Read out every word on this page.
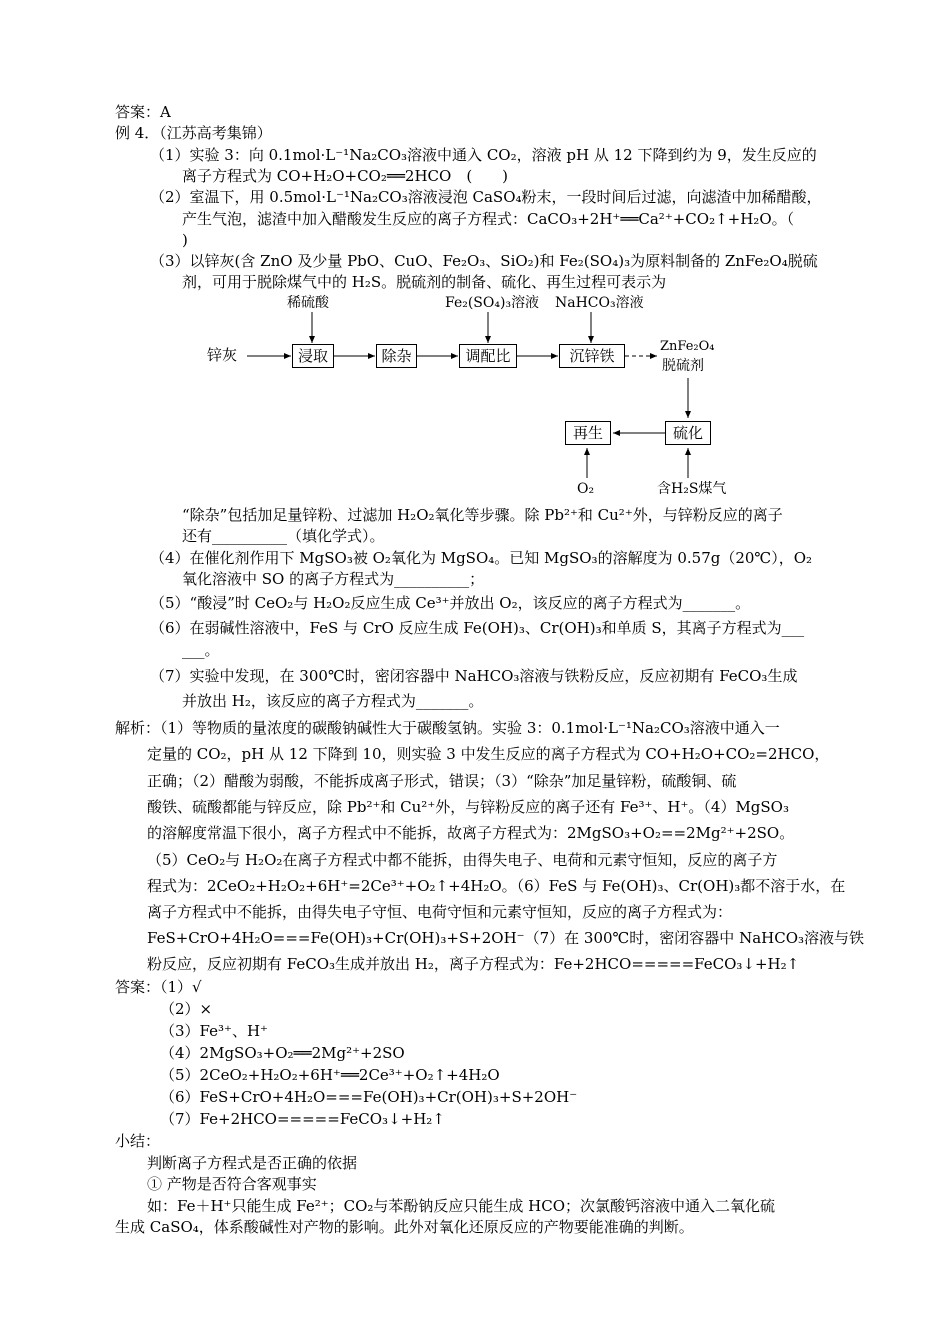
答案：A
例 4．（江苏高考集锦）
（1）实验 3：向 0.1mol·L⁻¹Na₂CO₃溶液中通入 CO₂，溶液 pH 从 12 下降到约为 9，发生反应的
离子方程式为 CO+H₂O+CO₂══2HCO　(　　)
（2）室温下，用 0.5mol·L⁻¹Na₂CO₃溶液浸泡 CaSO₄粉末，一段时间后过滤，向滤渣中加稀醋酸，
产生气泡，滤渣中加入醋酸发生反应的离子方程式：CaCO₃+2H⁺══Ca²⁺+CO₂↑+H₂O。（
)
（3）以锌灰(含 ZnO 及少量 PbO、CuO、Fe₂O₃、SiO₂)和 Fe₂(SO₄)₃为原料制备的 ZnFe₂O₄脱硫
剂，可用于脱除煤气中的 H₂S。脱硫剂的制备、硫化、再生过程可表示为
锌灰
稀硫酸	Fe₂(SO₄)₃溶液 NaHCO₃溶液
浸取	除杂	调配比	沉锌铁
ZnFe₂O₄
脱硫剂
硫化
再生
O₂	含H₂S煤气
“除杂”包括加足量锌粉、过滤加 H₂O₂氧化等步骤。除 Pb²⁺和 Cu²⁺外，与锌粉反应的离子
还有__________（填化学式）。
（4）在催化剂作用下 MgSO₃被 O₂氧化为 MgSO₄。已知 MgSO₃的溶解度为 0.57g（20℃），O₂
氧化溶液中 SO 的离子方程式为__________；
（5）“酸浸”时 CeO₂与 H₂O₂反应生成 Ce³⁺并放出 O₂，该反应的离子方程式为_______。
（6）在弱碱性溶液中，FeS 与 CrO 反应生成 Fe(OH)₃、Cr(OH)₃和单质 S，其离子方程式为___
___。
（7）实验中发现，在 300℃时，密闭容器中 NaHCO₃溶液与铁粉反应，反应初期有 FeCO₃生成
并放出 H₂，该反应的离子方程式为_______。
解析：（1）等物质的量浓度的碳酸钠碱性大于碳酸氢钠。实验 3：0.1mol·L⁻¹Na₂CO₃溶液中通入一
定量的 CO₂，pH 从 12 下降到 10，则实验 3 中发生反应的离子方程式为 CO+H₂O+CO₂=2HCO，
正确；（2）醋酸为弱酸，不能拆成离子形式，错误；（3）“除杂”加足量锌粉，硫酸铜、硫
酸铁、硫酸都能与锌反应，除 Pb²⁺和 Cu²⁺外，与锌粉反应的离子还有 Fe³⁺、H⁺。（4）MgSO₃
的溶解度常温下很小，离子方程式中不能拆，故离子方程式为：2MgSO₃+O₂==2Mg²⁺+2SO。
（5）CeO₂与 H₂O₂在离子方程式中都不能拆，由得失电子、电荷和元素守恒知，反应的离子方
程式为：2CeO₂+H₂O₂+6H⁺=2Ce³⁺+O₂↑+4H₂O。（6）FeS 与 Fe(OH)₃、Cr(OH)₃都不溶于水，在
离子方程式中不能拆，由得失电子守恒、电荷守恒和元素守恒知，反应的离子方程式为：
FeS+CrO+4H₂O===Fe(OH)₃+Cr(OH)₃+S+2OH⁻（7）在 300℃时，密闭容器中 NaHCO₃溶液与铁
粉反应，反应初期有 FeCO₃生成并放出 H₂，离子方程式为：Fe+2HCO=====FeCO₃↓+H₂↑
答案：（1）√
（2）×
（3）Fe³⁺、H⁺
（4）2MgSO₃+O₂══2Mg²⁺+2SO
（5）2CeO₂+H₂O₂+6H⁺══2Ce³⁺+O₂↑+4H₂O
（6）FeS+CrO+4H₂O===Fe(OH)₃+Cr(OH)₃+S+2OH⁻
（7）Fe+2HCO=====FeCO₃↓+H₂↑
小结：
判断离子方程式是否正确的依据
① 产物是否符合客观事实
如：Fe＋H⁺只能生成 Fe²⁺；CO₂与苯酚钠反应只能生成 HCO；次氯酸钙溶液中通入二氧化硫
生成 CaSO₄，体系酸碱性对产物的影响。此外对氧化还原反应的产物要能准确的判断。
